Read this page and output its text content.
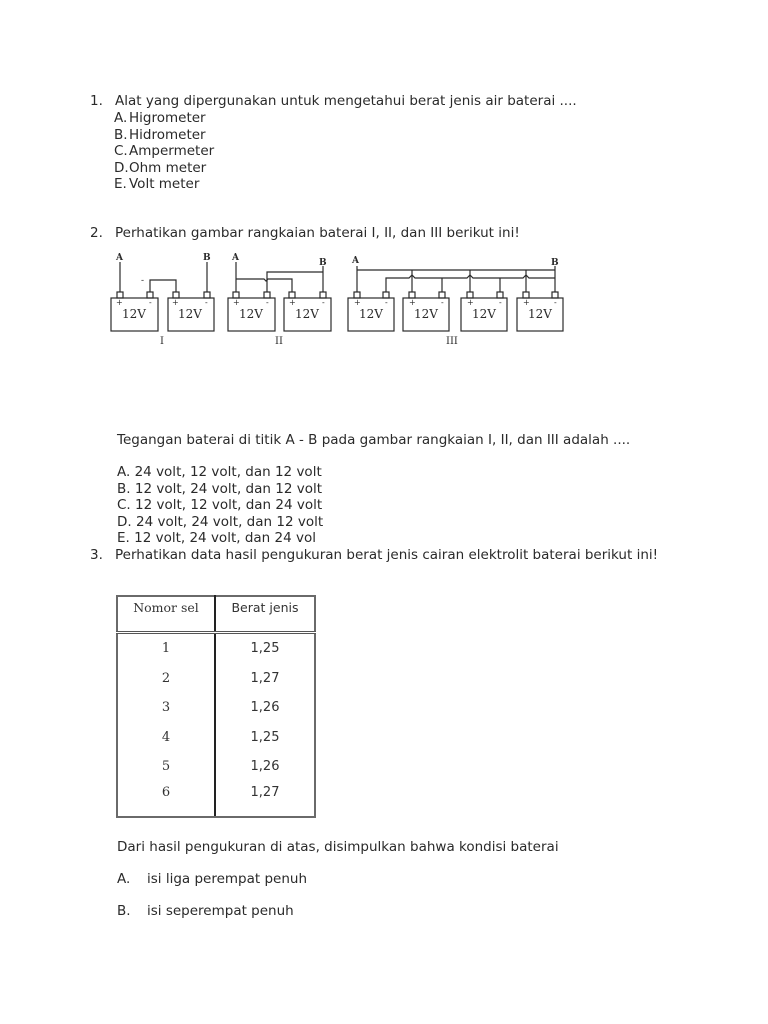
1. Alat yang dipergunakan untuk mengetahui berat jenis air baterai ....
A. Higrometer
B.Hidrometer
C.Ampermeter
D.Ohm meter
E. Volt meter
2. Perhatikan gambar rangkaian baterai I, II, dan III berikut ini!
A	B
-
+	-	+	-
12V	12V
I
A	B
+	-	+	-
12V	12V
II
A	B
+	-	+	-	+	-	+	-
12V	12V	12V	12V
III
Tegangan baterai di titik A - B pada gambar rangkaian I, II, dan III adalah ....
A. 24 volt, 12 volt, dan 12 volt
B. 12 volt, 24 volt, dan 12 volt
C. 12 volt, 12 volt, dan 24 volt
D. 24 volt, 24 volt, dan 12 volt
E. 12 volt, 24 volt, dan 24 vol
3. Perhatikan data hasil pengukuran berat jenis cairan elektrolit baterai berikut ini!
Nomor sel	Berat jenis
1	1,25
2	1,27
3	1,26
4	1,25
5	1,26
6	1,27
Dari hasil pengukuran di atas, disimpulkan bahwa kondisi baterai
A. isi liga perempat penuh
B. isi seperempat penuh
